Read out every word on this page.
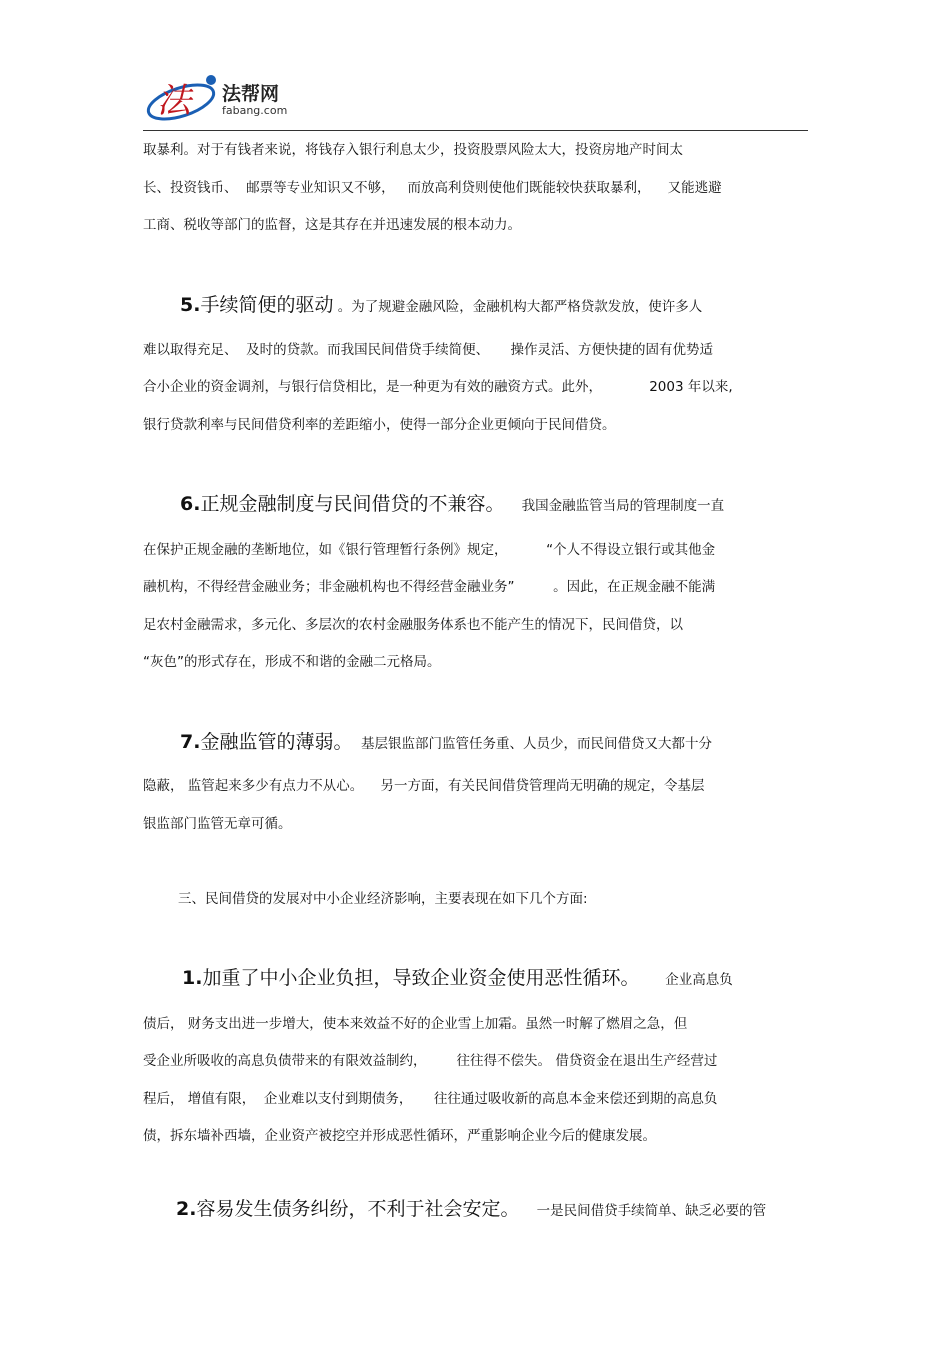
法 法帮网
fabang.com
取暴利。对于有钱者来说，将钱存入银行利息太少，投资股票风险太大，投资房地产时间太
长、投资钱币、  邮票等专业知识又不够，   而放高利贷则使他们既能较快获取暴利，    又能逃避
工商、税收等部门的监督，这是其存在并迅速发展的根本动力。
难以取得充足、  及时的贷款。而我国民间借贷手续简便、     操作灵活、方便快捷的固有优势适
合小企业的资金调剂，与银行信贷相比，是一种更为有效的融资方式。此外，           2003 年以来,
银行贷款利率与民间借贷利率的差距缩小，使得一部分企业更倾向于民间借贷。
在保护正规金融的垄断地位，如《银行管理暂行条例》规定，         “个人不得设立银行或其他金
融机构，不得经营金融业务；非金融机构也不得经营金融业务”         。因此，在正规金融不能满
足农村金融需求，多元化、多层次的农村金融服务体系也不能产生的情况下，民间借贷，以
“灰色”的形式存在，形成不和谐的金融二元格局。
隐蔽， 监管起来多少有点力不从心。    另一方面，有关民间借贷管理尚无明确的规定，令基层
银监部门监管无章可循。
三、民间借贷的发展对中小企业经济影响，主要表现在如下几个方面:
债后， 财务支出进一步增大，使本来效益不好的企业雪上加霜。虽然一时解了燃眉之急，但
受企业所吸收的高息负债带来的有限效益制约，       往往得不偿失。 借贷资金在退出生产经营过
程后， 增值有限，  企业难以支付到期债务，     往往通过吸收新的高息本金来偿还到期的高息负
债，拆东墙补西墙，企业资产被挖空并形成恶性循环，严重影响企业今后的健康发展。
5.手续简便的驱动 。为了规避金融风险，金融机构大都严格贷款发放，使许多人
6.正规金融制度与民间借贷的不兼容。    我国金融监管当局的管理制度一直
7.金融监管的薄弱。  基层银监部门监管任务重、人员少，而民间借贷又大都十分
1.加重了中小企业负担，导致企业资金使用恶性循环。      企业高息负
2.容易发生债务纠纷，不利于社会安定。    一是民间借贷手续简单、缺乏必要的管
